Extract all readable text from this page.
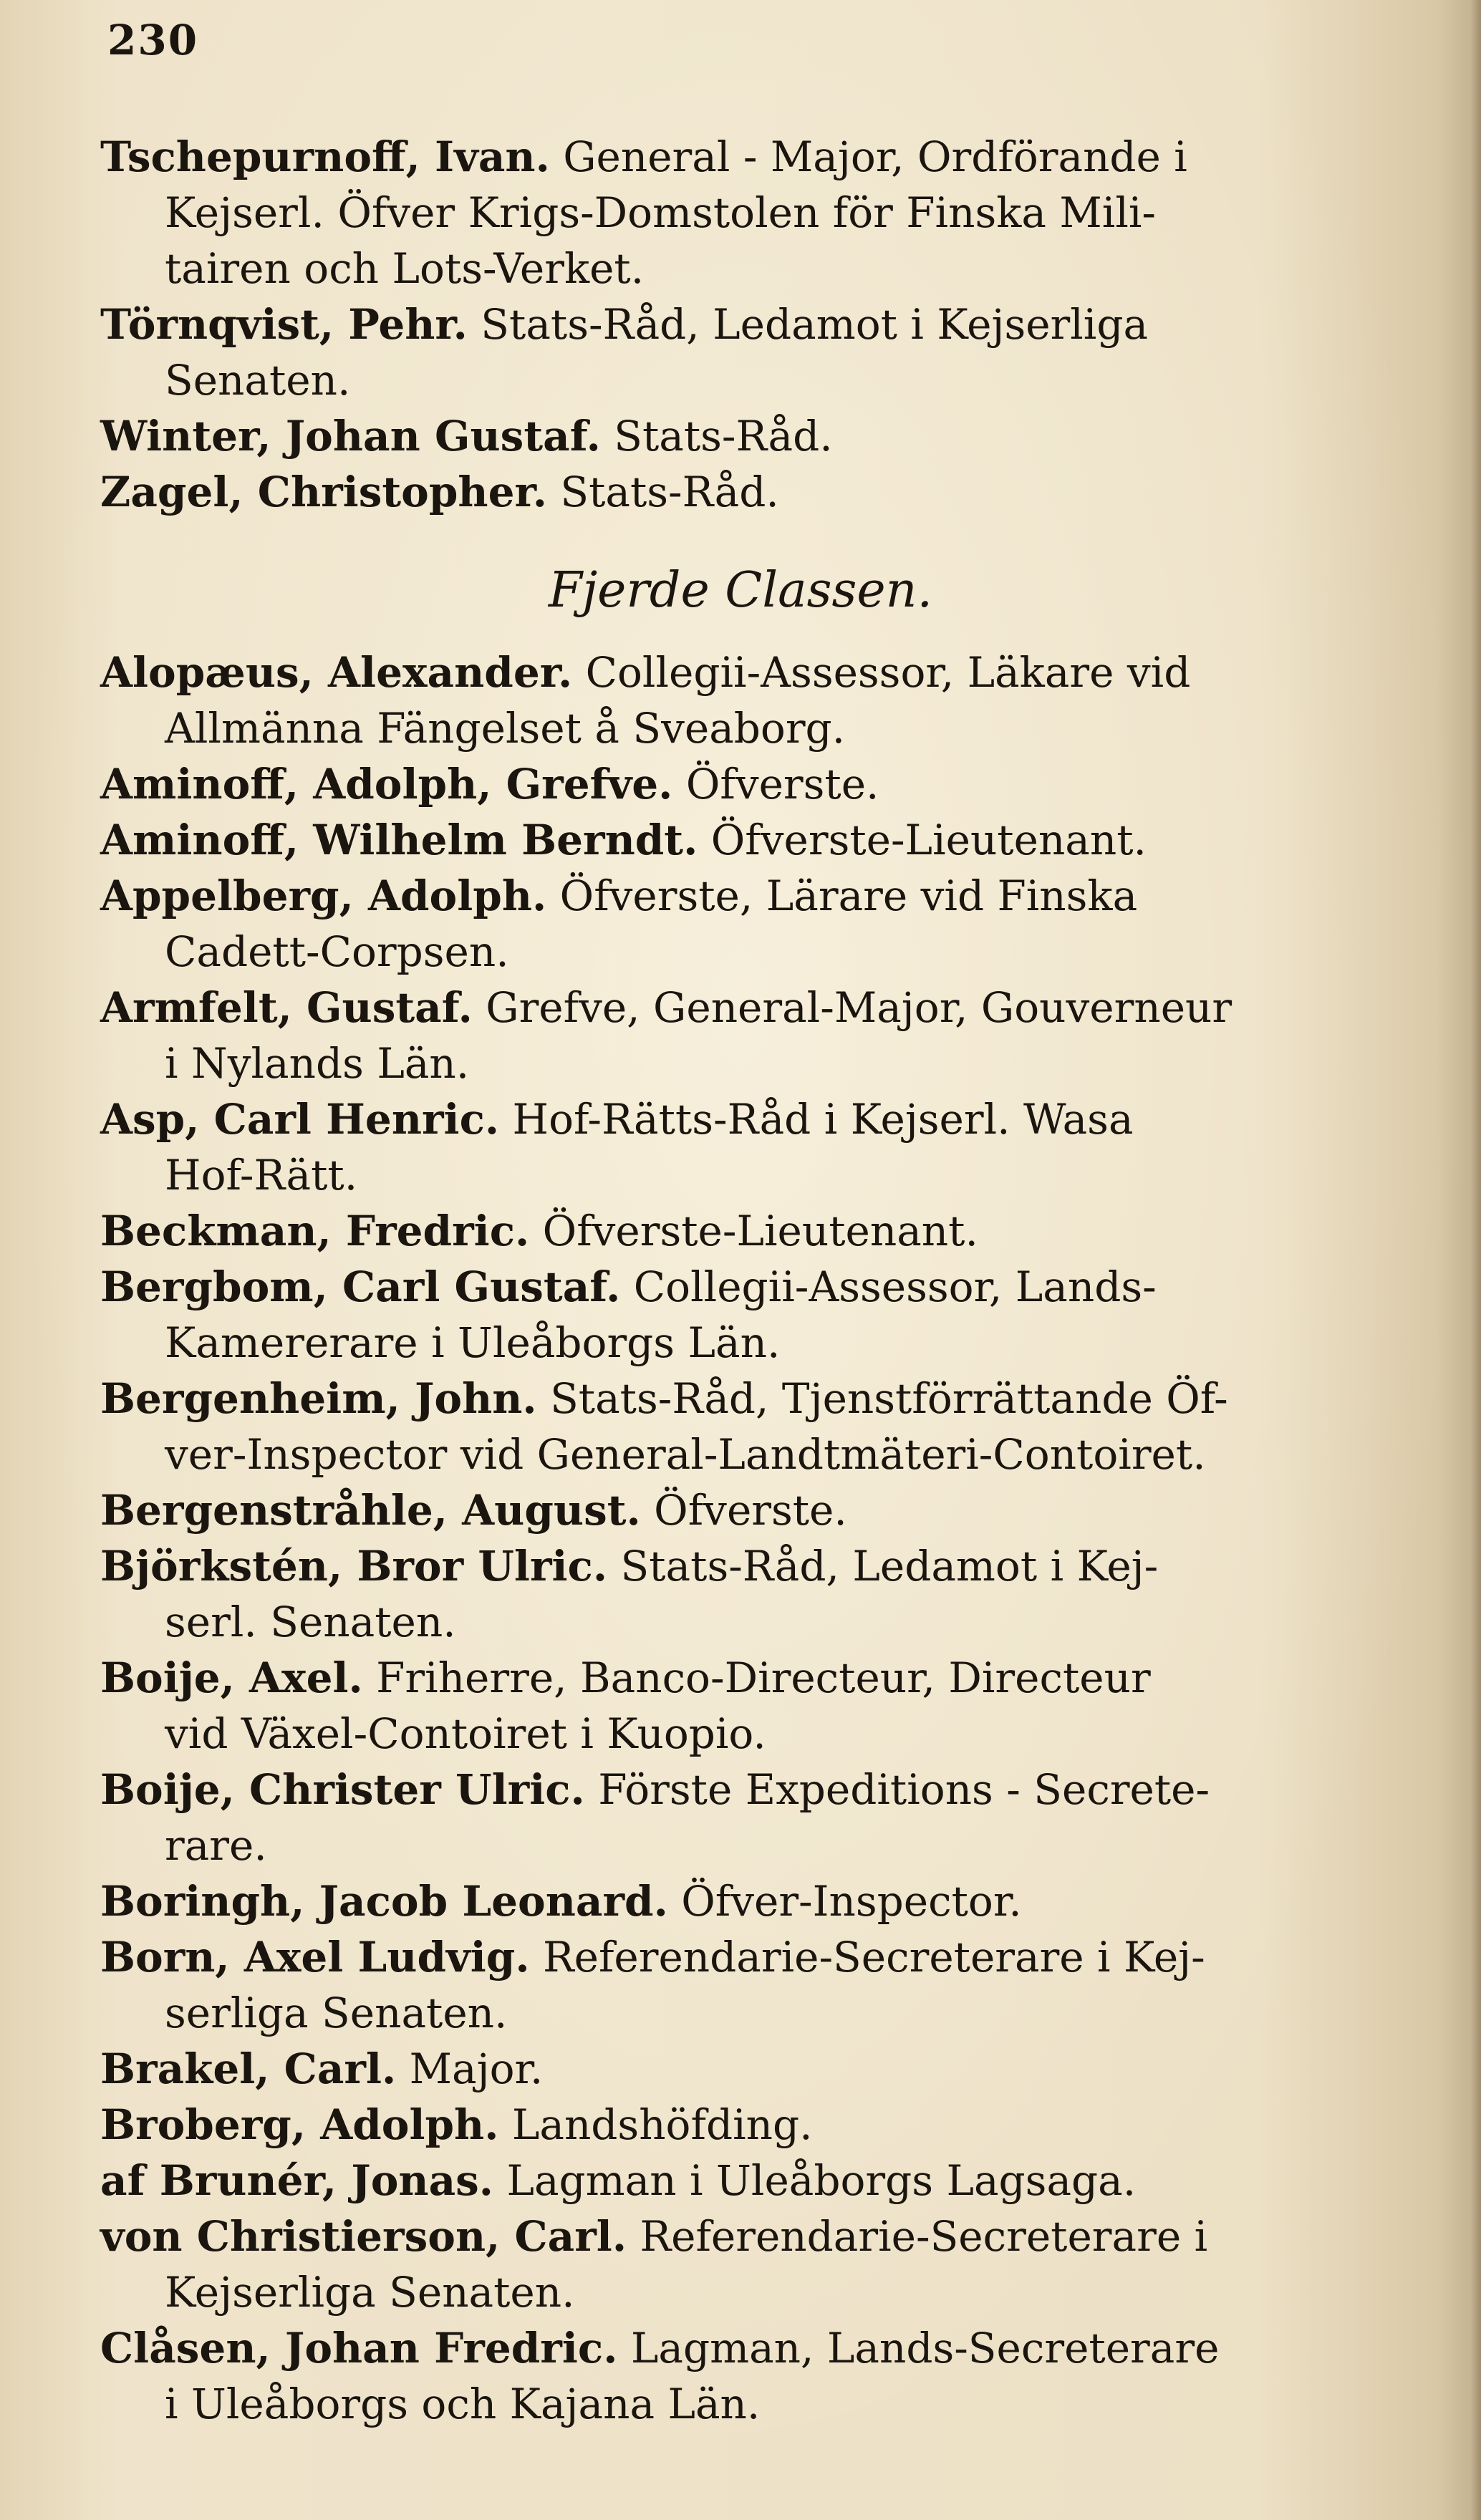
230
Tschepurnoff, Ivan. General - Major, Ordförande i
Kejserl. Öfver Krigs-Domstolen för Finska Mili-
tairen och Lots-Verket.
Törnqvist, Pehr. Stats-Råd, Ledamot i Kejserliga
Senaten.
Winter, Johan Gustaf. Stats-Råd.
Zagel, Christopher. Stats-Råd.
Fjerde Classen.
Alopæus, Alexander. Collegii-Assessor, Läkare vid
Allmänna Fängelset å Sveaborg.
Aminoff, Adolph, Grefve. Öfverste.
Aminoff, Wilhelm Berndt. Öfverste-Lieutenant.
Appelberg, Adolph. Öfverste, Lärare vid Finska
Cadett-Corpsen.
Armfelt, Gustaf. Grefve, General-Major, Gouverneur
i Nylands Län.
Asp, Carl Henric. Hof-Rätts-Råd i Kejserl. Wasa
Hof-Rätt.
Beckman, Fredric. Öfverste-Lieutenant.
Bergbom, Carl Gustaf. Collegii-Assessor, Lands-
Kamererare i Uleåborgs Län.
Bergenheim, John. Stats-Råd, Tjenstförrättande Öf-
ver-Inspector vid General-Landtmäteri-Contoiret.
Bergenstråhle, August. Öfverste.
Björkstén, Bror Ulric. Stats-Råd, Ledamot i Kej-
serl. Senaten.
Boije, Axel. Friherre, Banco-Directeur, Directeur
vid Växel-Contoiret i Kuopio.
Boije, Christer Ulric. Förste Expeditions - Secrete-
rare.
Boringh, Jacob Leonard. Öfver-Inspector.
Born, Axel Ludvig. Referendarie-Secreterare i Kej-
serliga Senaten.
Brakel, Carl. Major.
Broberg, Adolph. Landshöfding.
af Brunér, Jonas. Lagman i Uleåborgs Lagsaga.
von Christierson, Carl. Referendarie-Secreterare i
Kejserliga Senaten.
Clåsen, Johan Fredric. Lagman, Lands-Secreterare
i Uleåborgs och Kajana Län.
